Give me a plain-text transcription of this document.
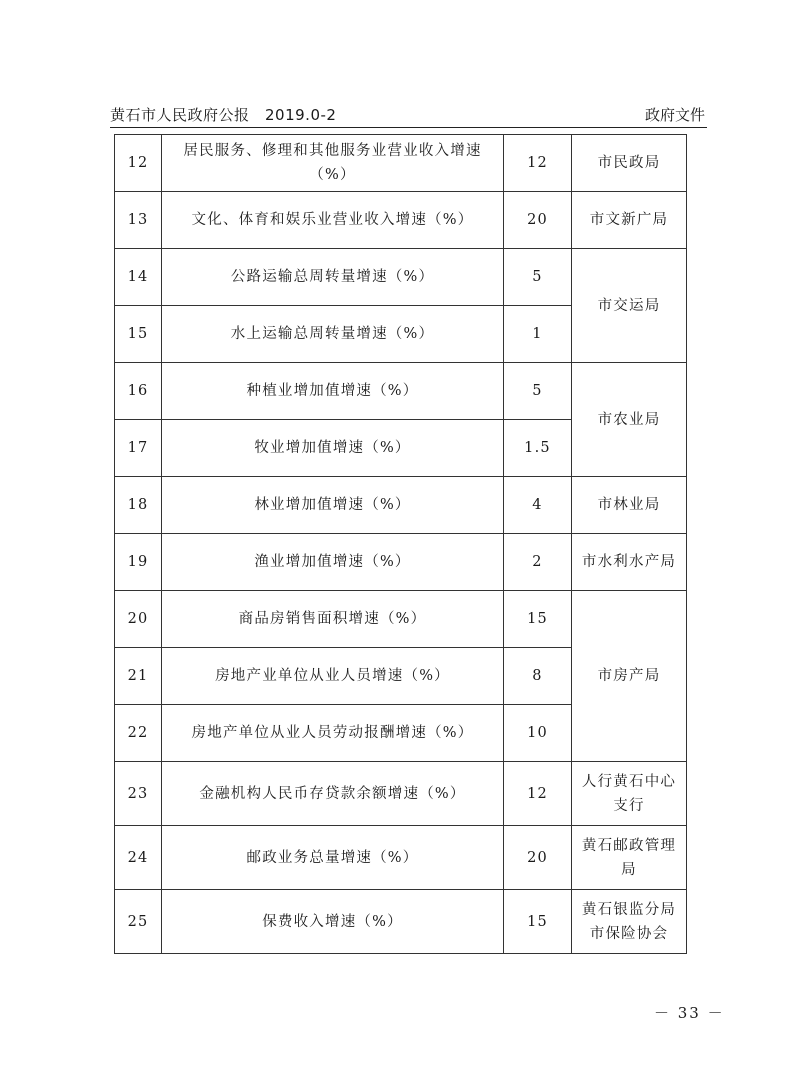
黄石市人民政府公报　2019.0-2	政府文件
12	居民服务、修理和其他服务业营业收入增速（%）	12	市民政局
13	文化、体育和娱乐业营业收入增速（%）	20	市文新广局
14	公路运输总周转量增速（%）	5	市交运局
15	水上运输总周转量增速（%）	1	
16	种植业增加值增速（%）	5	市农业局
17	牧业增加值增速（%）	1.5	
18	林业增加值增速（%）	4	市林业局
19	渔业增加值增速（%）	2	市水利水产局
20	商品房销售面积增速（%）	15	市房产局
21	房地产业单位从业人员增速（%）	8	
22	房地产单位从业人员劳动报酬增速（%）	10	
23	金融机构人民币存贷款余额增速（%）	12	人行黄石中心支行
24	邮政业务总量增速（%）	20	黄石邮政管理局
25	保费收入增速（%）	15	黄石银监分局市保险协会
－ 33 －
